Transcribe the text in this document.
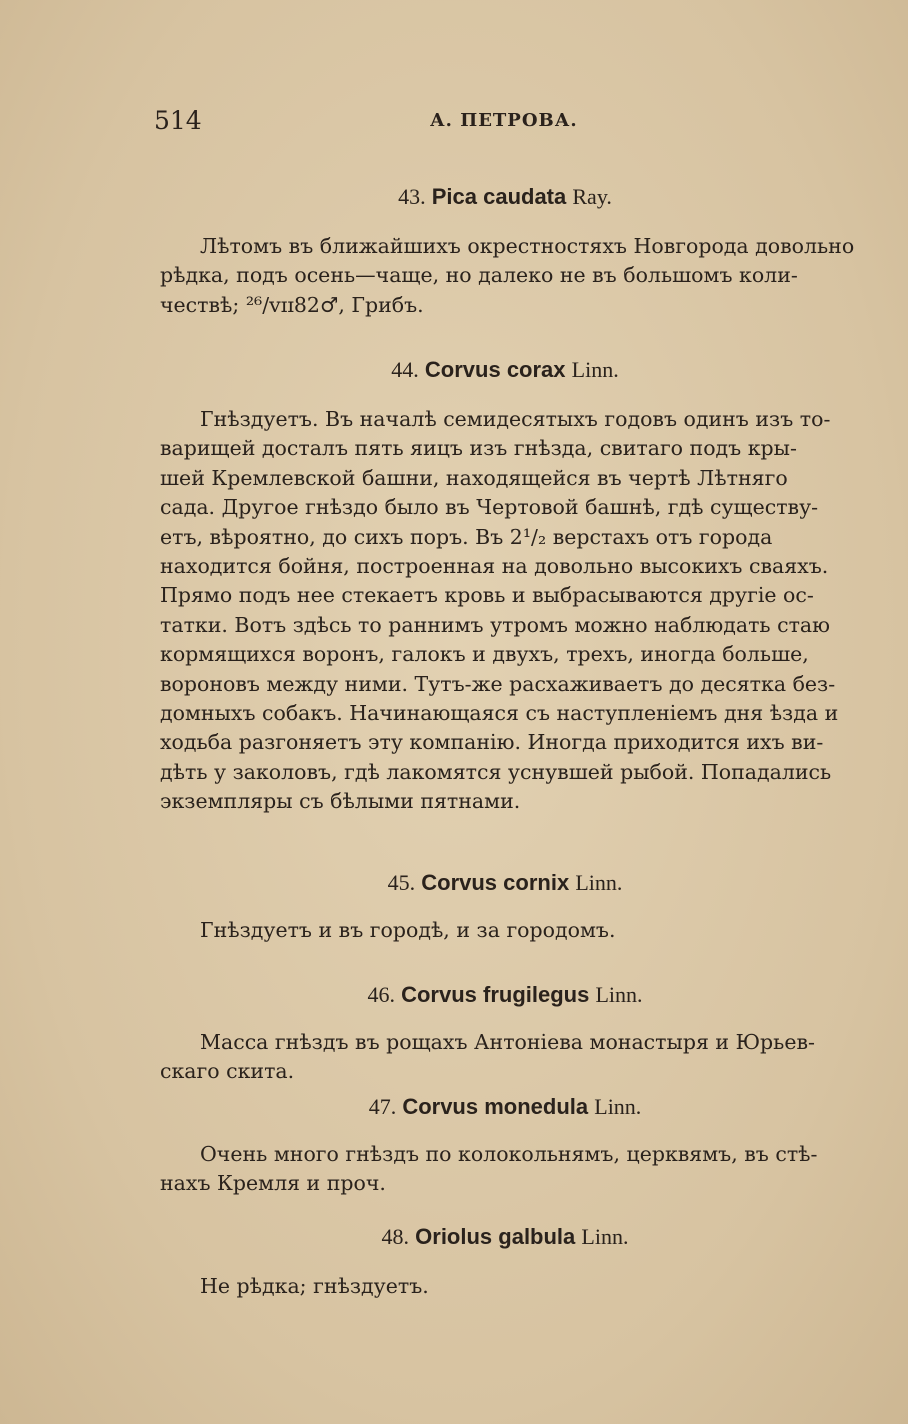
514	А. ПЕТРОВА.
43. Pica caudata Ray.
Лѣтомъ въ ближайшихъ окрестностяхъ Новгорода довольно
рѣдка, подъ осень—чаще, но далеко не въ большомъ коли-
чествѣ; ²⁶/ᴠɪɪ82♂, Грибъ.
44. Corvus corax Linn.
Гнѣздуетъ. Въ началѣ семидесятыхъ годовъ одинъ изъ то-
варищей досталъ пять яицъ изъ гнѣзда, свитаго подъ кры-
шей Кремлевской башни, находящейся въ чертѣ Лѣтняго
сада. Другое гнѣздо было въ Чертовой башнѣ, гдѣ существу-
етъ, вѣроятно, до сихъ поръ. Въ 2¹/₂ верстахъ отъ города
находится бойня, построенная на довольно высокихъ сваяхъ.
Прямо подъ нее стекаетъ кровь и выбрасываются другіе ос-
татки. Вотъ здѣсь то раннимъ утромъ можно наблюдать стаю
кормящихся воронъ, галокъ и двухъ, трехъ, иногда больше,
вороновъ между ними. Тутъ-же расхаживаетъ до десятка без-
домныхъ собакъ. Начинающаяся съ наступленіемъ дня ѣзда и
ходьба разгоняетъ эту компанію. Иногда приходится ихъ ви-
дѣть у заколовъ, гдѣ лакомятся уснувшей рыбой. Попадались
экземпляры съ бѣлыми пятнами.
45. Corvus cornix Linn.
Гнѣздуетъ и въ городѣ, и за городомъ.
46. Corvus frugilegus Linn.
Масса гнѣздъ въ рощахъ Антоніева монастыря и Юрьев-
скаго скита.
47. Corvus monedula Linn.
Очень много гнѣздъ по колокольнямъ, церквямъ, въ стѣ-
нахъ Кремля и проч.
48. Oriolus galbula Linn.
Не рѣдка; гнѣздуетъ.
